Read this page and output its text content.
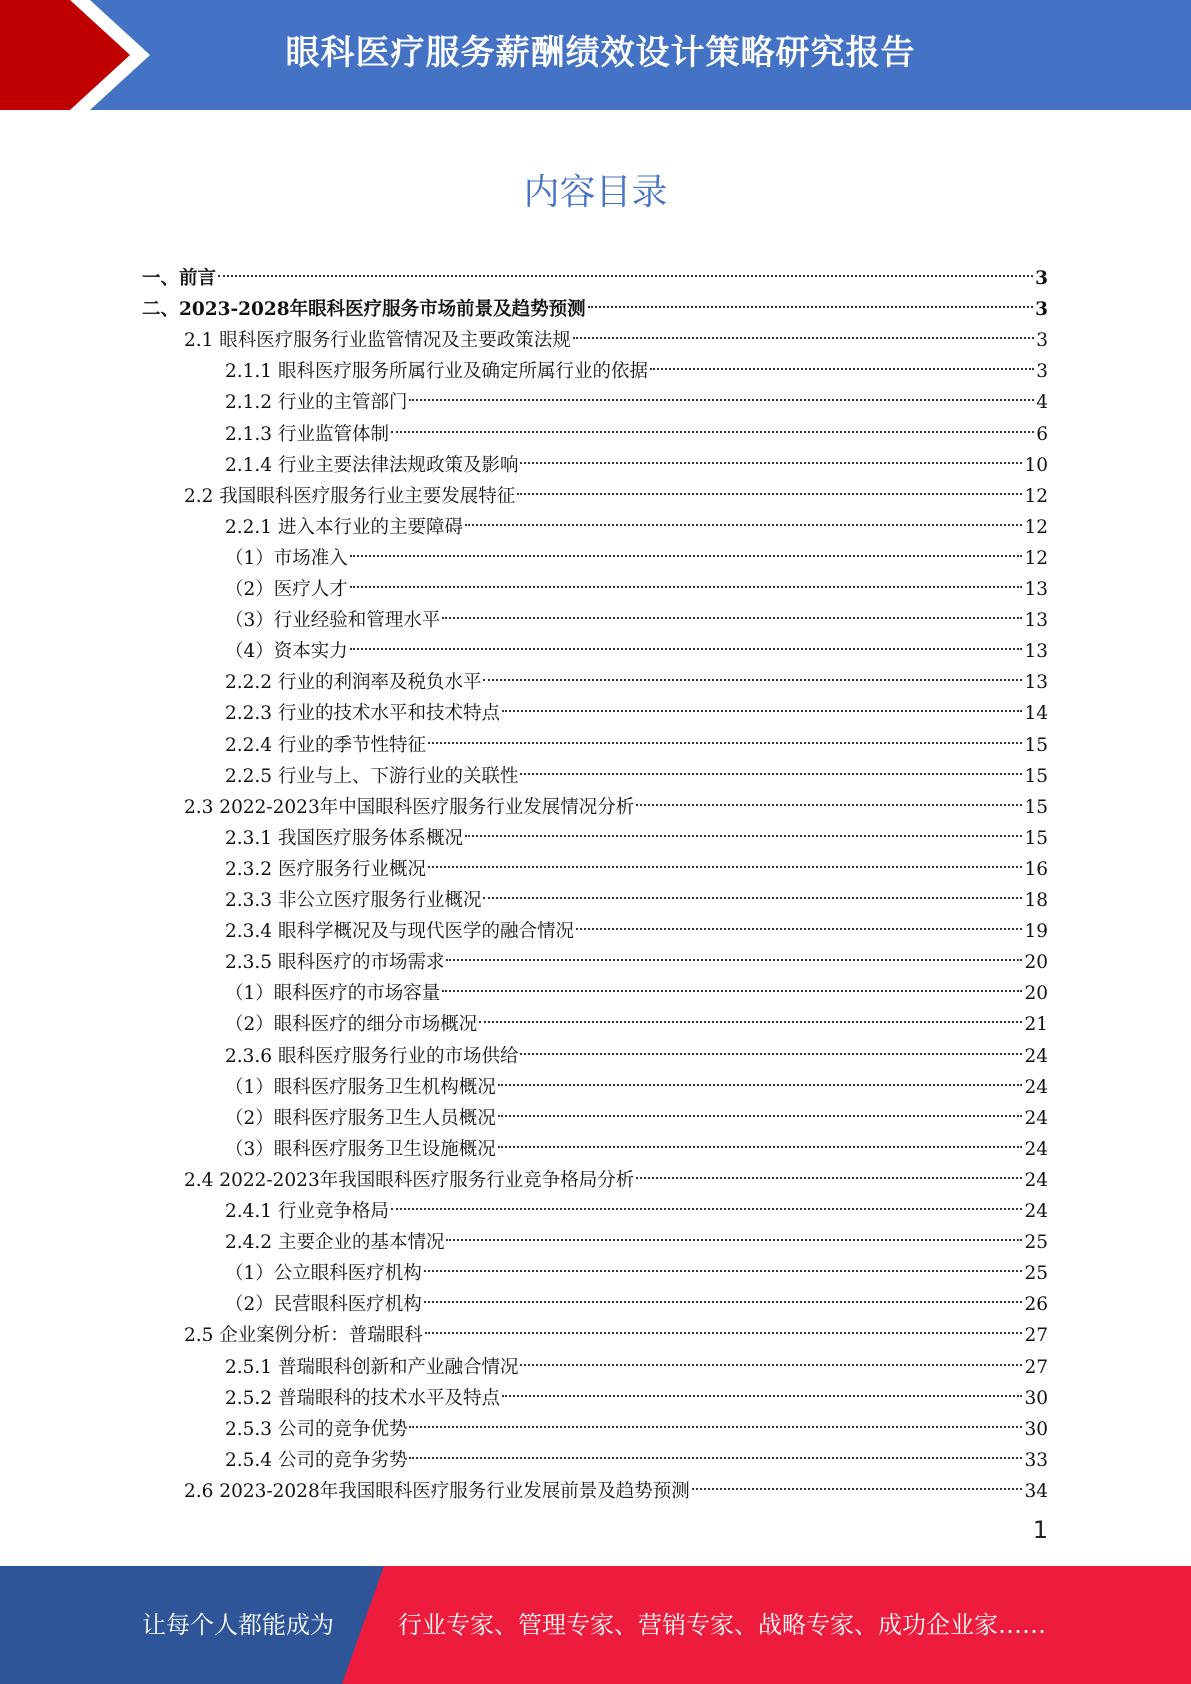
眼科医疗服务薪酬绩效设计策略研究报告
内容目录
一、前言	3
二、2023-2028年眼科医疗服务市场前景及趋势预测	3
2.1 眼科医疗服务行业监管情况及主要政策法规	3
2.1.1 眼科医疗服务所属行业及确定所属行业的依据	3
2.1.2 行业的主管部门	4
2.1.3 行业监管体制	6
2.1.4 行业主要法律法规政策及影响	10
2.2 我国眼科医疗服务行业主要发展特征	12
2.2.1 进入本行业的主要障碍	12
（1）市场准入	12
（2）医疗人才	13
（3）行业经验和管理水平	13
（4）资本实力	13
2.2.2 行业的利润率及税负水平	13
2.2.3 行业的技术水平和技术特点	14
2.2.4 行业的季节性特征	15
2.2.5 行业与上、下游行业的关联性	15
2.3 2022-2023年中国眼科医疗服务行业发展情况分析	15
2.3.1 我国医疗服务体系概况	15
2.3.2 医疗服务行业概况	16
2.3.3 非公立医疗服务行业概况	18
2.3.4 眼科学概况及与现代医学的融合情况	19
2.3.5 眼科医疗的市场需求	20
（1）眼科医疗的市场容量	20
（2）眼科医疗的细分市场概况	21
2.3.6 眼科医疗服务行业的市场供给	24
（1）眼科医疗服务卫生机构概况	24
（2）眼科医疗服务卫生人员概况	24
（3）眼科医疗服务卫生设施概况	24
2.4 2022-2023年我国眼科医疗服务行业竞争格局分析	24
2.4.1 行业竞争格局	24
2.4.2 主要企业的基本情况	25
（1）公立眼科医疗机构	25
（2）民营眼科医疗机构	26
2.5 企业案例分析：普瑞眼科	27
2.5.1 普瑞眼科创新和产业融合情况	27
2.5.2 普瑞眼科的技术水平及特点	30
2.5.3 公司的竞争优势	30
2.5.4 公司的竞争劣势	33
2.6 2023-2028年我国眼科医疗服务行业发展前景及趋势预测	34
1
让每个人都能成为	行业专家、管理专家、营销专家、战略专家、成功企业家……
